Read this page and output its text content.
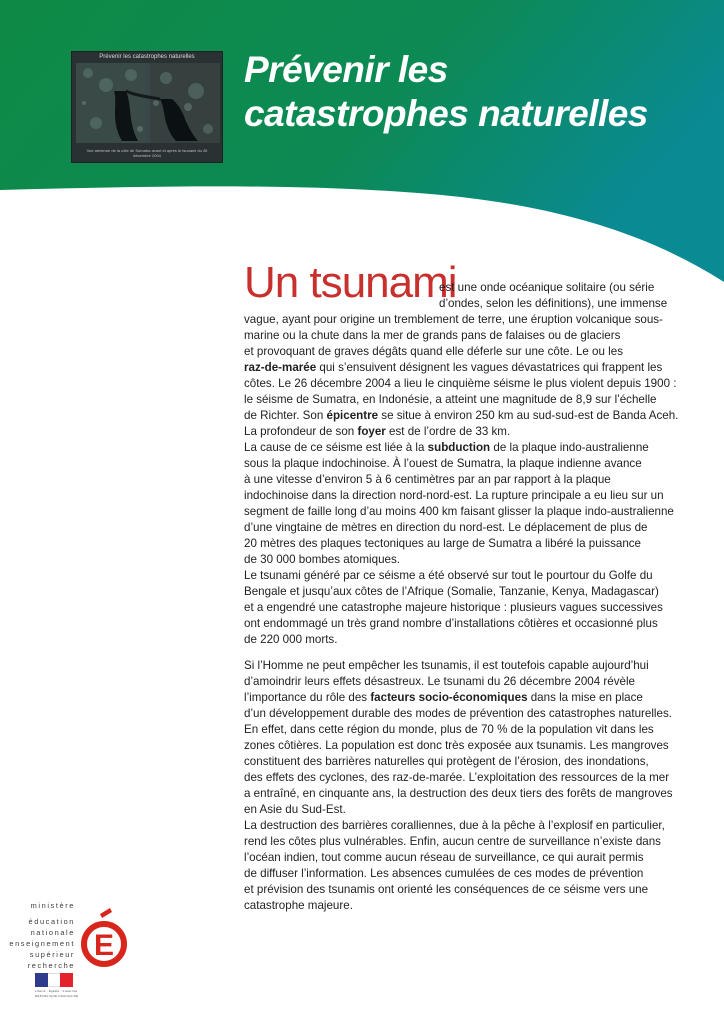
Prévenir les catastrophes naturelles
Vue aérienne de la côte de Sumatra avant et après le tsunami du 26 décembre 2004
Prévenir les
catastrophes naturelles
Un tsunami
est une onde océanique solitaire (ou série
d’ondes, selon les définitions), une immense
vague, ayant pour origine un tremblement de terre, une éruption volcanique sous-
marine ou la chute dans la mer de grands pans de falaises ou de glaciers
et provoquant de graves dégâts quand elle déferle sur une côte. Le ou les
raz-de-marée qui s’ensuivent désignent les vagues dévastatrices qui frappent les
côtes. Le 26 décembre 2004 a lieu le cinquième séisme le plus violent depuis 1900 :
le séisme de Sumatra, en Indonésie, a atteint une magnitude de 8,9 sur l’échelle
de Richter. Son épicentre se situe à environ 250 km au sud-sud-est de Banda Aceh.
La profondeur de son foyer est de l’ordre de 33 km.
La cause de ce séisme est liée à la subduction de la plaque indo-australienne
sous la plaque indochinoise. À l’ouest de Sumatra, la plaque indienne avance
à une vitesse d’environ 5 à 6 centimètres par an par rapport à la plaque
indochinoise dans la direction nord-nord-est. La rupture principale a eu lieu sur un
segment de faille long d’au moins 400 km faisant glisser la plaque indo-australienne
d’une vingtaine de mètres en direction du nord-est. Le déplacement de plus de
20 mètres des plaques tectoniques au large de Sumatra a libéré la puissance
de 30 000 bombes atomiques.
Le tsunami généré par ce séisme a été observé sur tout le pourtour du Golfe du
Bengale et jusqu’aux côtes de l’Afrique (Somalie, Tanzanie, Kenya, Madagascar)
et a engendré une catastrophe majeure historique : plusieurs vagues successives
ont endommagé un très grand nombre d’installations côtières et occasionné plus
de 220 000 morts.
Si l’Homme ne peut empêcher les tsunamis, il est toutefois capable aujourd’hui
d’amoindrir leurs effets désastreux. Le tsunami du 26 décembre 2004 révèle
l’importance du rôle des facteurs socio-économiques dans la mise en place
d’un développement durable des modes de prévention des catastrophes naturelles.
En effet, dans cette région du monde, plus de 70 % de la population vit dans les
zones côtières. La population est donc très exposée aux tsunamis. Les mangroves
constituent des barrières naturelles qui protègent de l’érosion, des inondations,
des effets des cyclones, des raz-de-marée. L’exploitation des ressources de la mer
a entraîné, en cinquante ans, la destruction des deux tiers des forêts de mangroves
en Asie du Sud-Est.
La destruction des barrières coralliennes, due à la pêche à l’explosif en particulier,
rend les côtes plus vulnérables. Enfin, aucun centre de surveillance n’existe dans
l’océan indien, tout comme aucun réseau de surveillance, ce qui aurait permis
de diffuser l’information. Les absences cumulées de ces modes de prévention
et prévision des tsunamis ont orienté les conséquences de ce séisme vers une
catastrophe majeure.
E
ministère
éducation
nationale
enseignement
supérieur
recherche
Liberté · Égalité · Fraternité
RÉPUBLIQUE FRANÇAISE
